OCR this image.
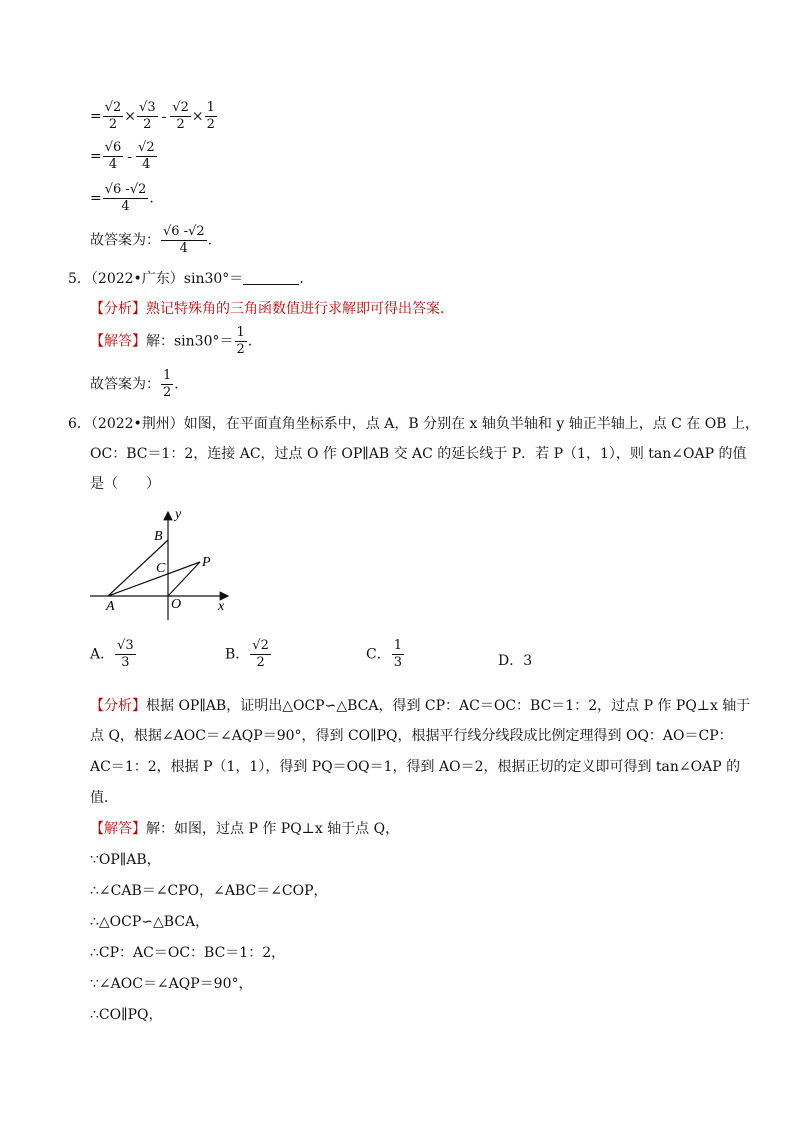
= $\frac{√2}{2} \times \frac{√3}{2} - \frac{√2}{2} \times \frac{1}{2}$
= $\frac{√6}{4} - \frac{√2}{4}$
= $\frac{√6 -√2}{4}$ .
故答案为： $\frac{√6 -√2}{4}$ .
5．（2022•广东）sin30°＝	．
【分析】熟记特殊角的三角函数值进行求解即可得出答案．
【解答】解：$\sin 30^\circ= \frac{1}{2}$ ．
故答案为： $\frac{1}{2}$ ．
6．（2022•荆州）如图，在平面直角坐标系中，点 A，B 分别在 x 轴负半轴和 y 轴正半轴上，点 C 在 OB 上，
OC：BC＝1：2，连接 AC，过点 O 作 OP∥AB 交 AC 的延长线于 P．若 P（1，1），则 tan∠OAP 的值
是（　　）
y
B
C	P
A	O	x
A． $\frac{√3}{3}$	B． $\frac{√2}{2}$	C． $\frac{1}{3}$	D．3
【分析】根据 OP∥AB，证明出△OCP∽△BCA，得到 CP：AC＝OC：BC＝1：2，过点 P 作 PQ⊥x 轴于
点 Q，根据∠AOC＝∠AQP＝90°，得到 CO∥PQ，根据平行线分线段成比例定理得到 OQ：AO＝CP：
AC＝1：2，根据 P（1，1），得到 PQ＝OQ＝1，得到 AO＝2，根据正切的定义即可得到 tan∠OAP 的
值．
【解答】解：如图，过点 P 作 PQ⊥x 轴于点 Q，
∵OP∥AB，
∴∠CAB＝∠CPO，∠ABC＝∠COP，
∴△OCP∽△BCA，
∴CP：AC＝OC：BC＝1：2，
∵∠AOC＝∠AQP＝90°，
∴CO∥PQ，
